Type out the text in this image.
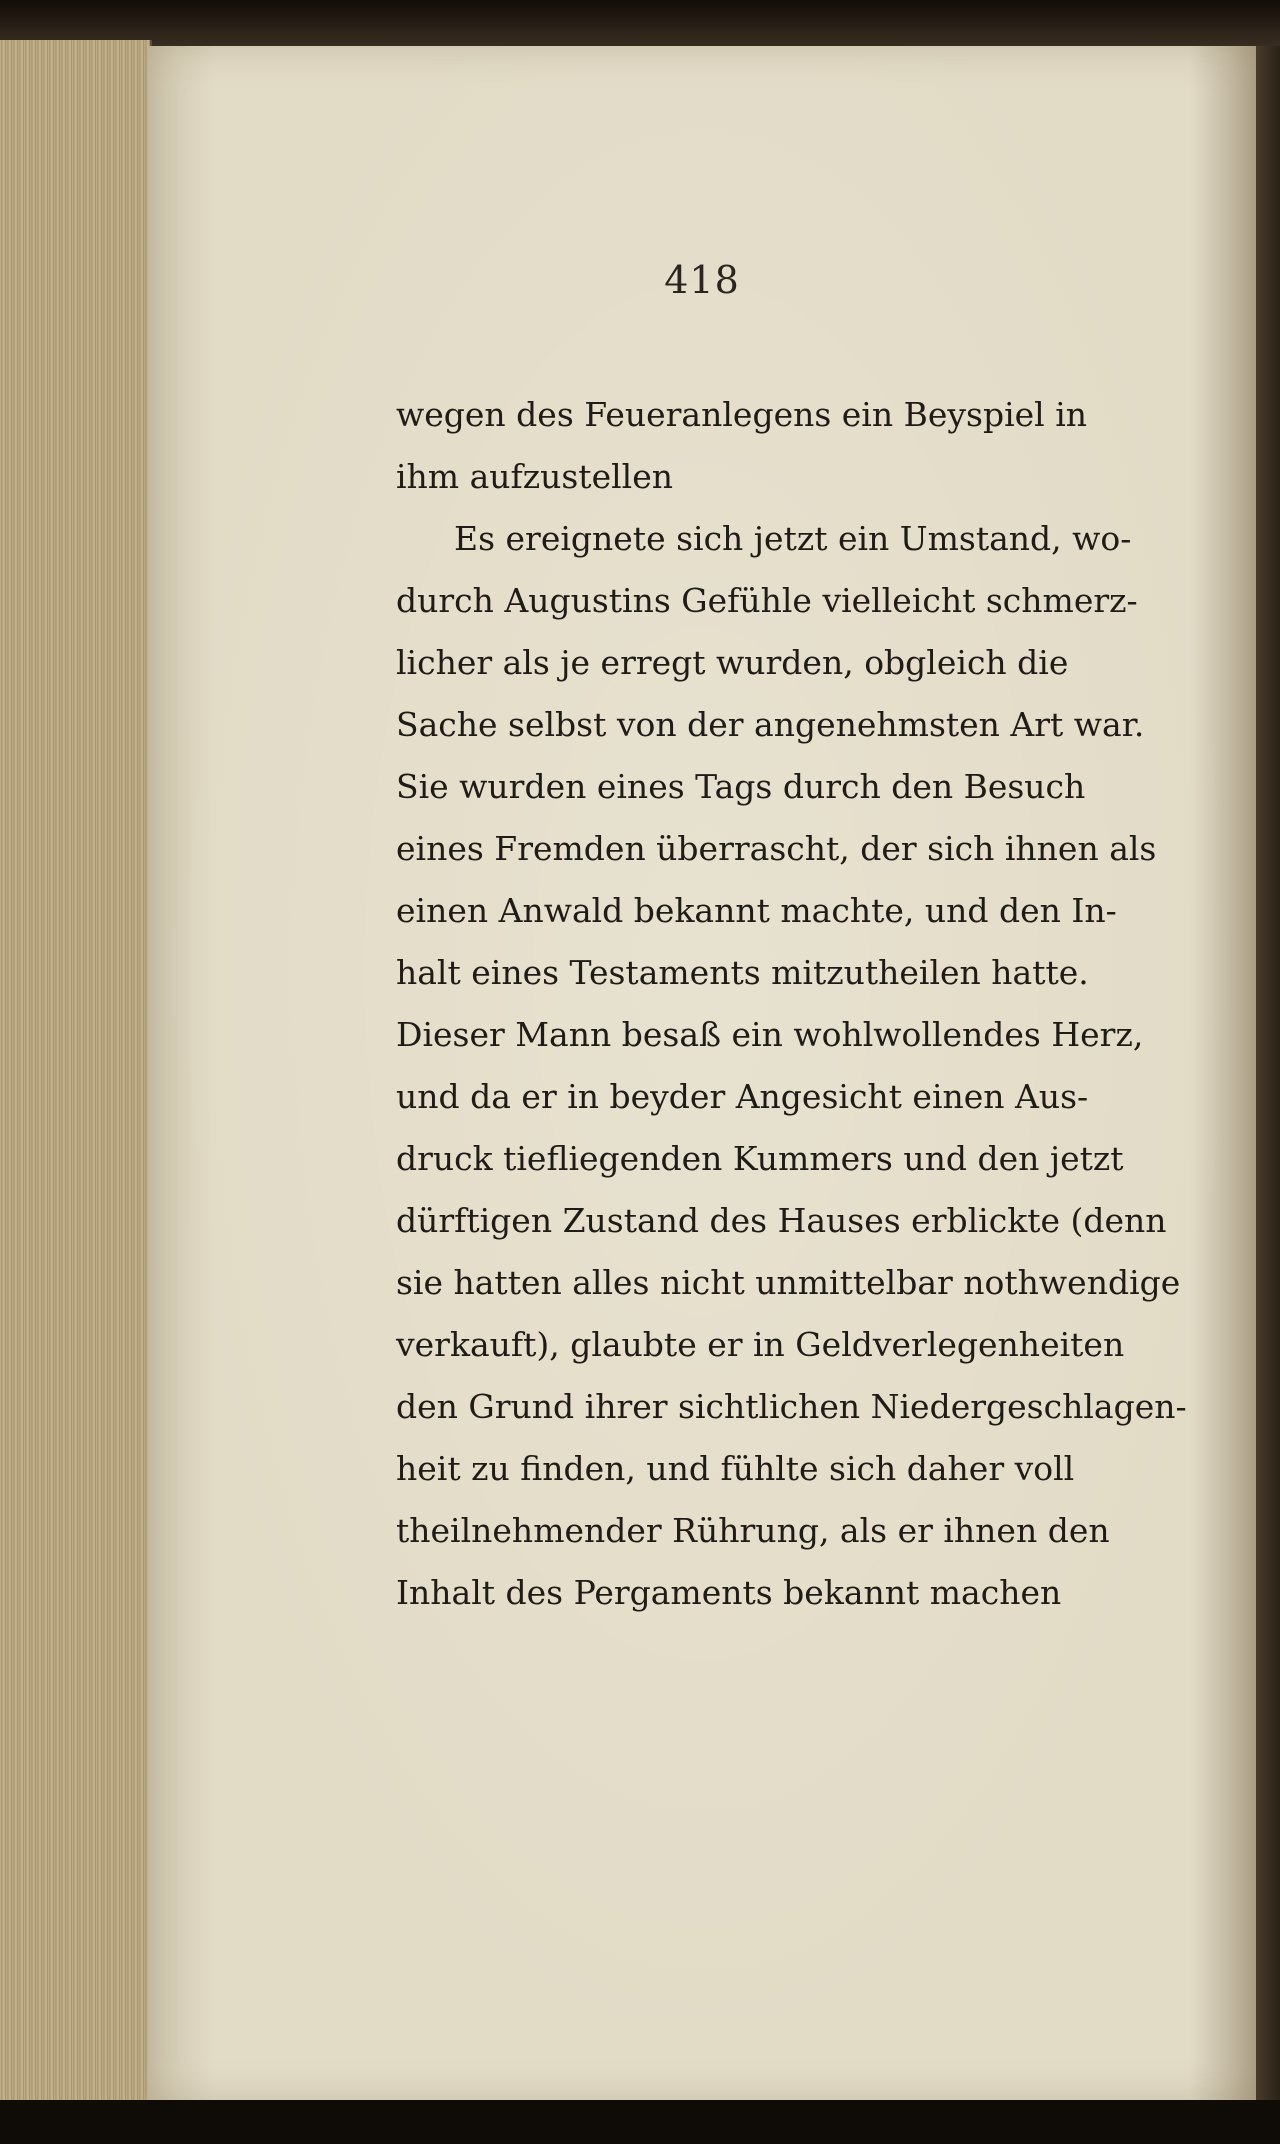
418
wegen des Feueranlegens ein Beyspiel in
ihm aufzustellen
Es ereignete sich jetzt ein Umstand, wo-
durch Augustins Gefühle vielleicht schmerz-
licher als je erregt wurden, obgleich die
Sache selbst von der angenehmsten Art war.
Sie wurden eines Tags durch den Besuch
eines Fremden überrascht, der sich ihnen als
einen Anwald bekannt machte, und den In-
halt eines Testaments mitzutheilen hatte.
Dieser Mann besaß ein wohlwollendes Herz,
und da er in beyder Angesicht einen Aus-
druck tiefliegenden Kummers und den jetzt
dürftigen Zustand des Hauses erblickte (denn
sie hatten alles nicht unmittelbar nothwendige
verkauft), glaubte er in Geldverlegenheiten
den Grund ihrer sichtlichen Niedergeschlagen-
heit zu finden, und fühlte sich daher voll
theilnehmender Rührung, als er ihnen den
Inhalt des Pergaments bekannt machen
